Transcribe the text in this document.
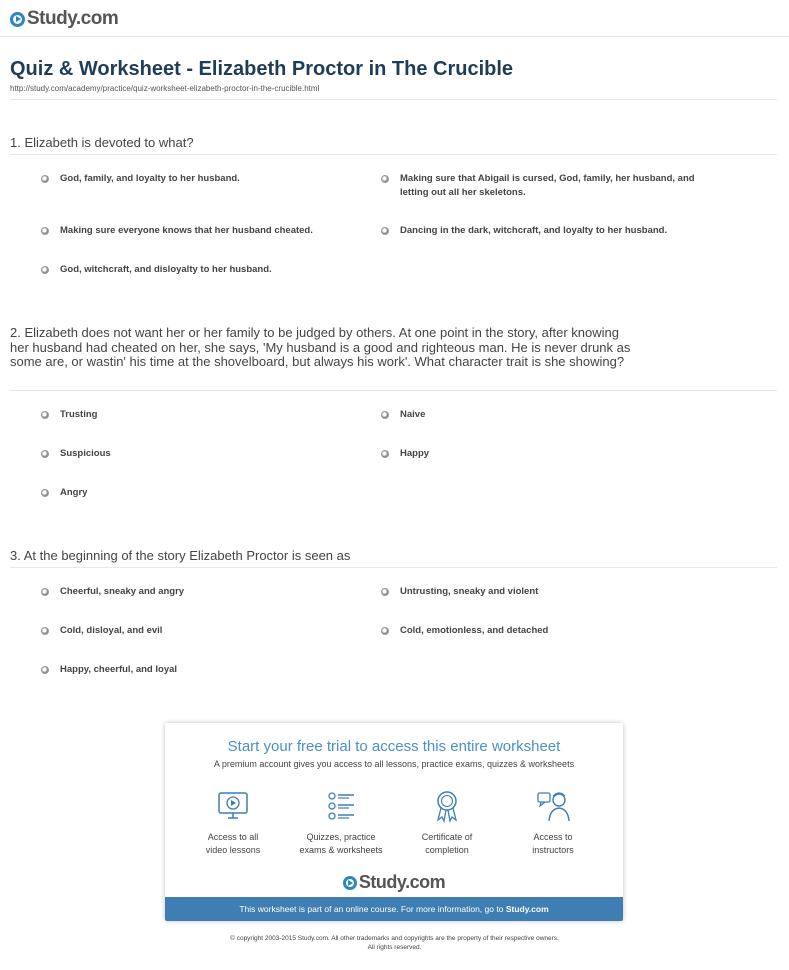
Study.com
Quiz & Worksheet - Elizabeth Proctor in The Crucible
http://study.com/academy/practice/quiz-worksheet-elizabeth-proctor-in-the-crucible.html
1. Elizabeth is devoted to what?
God, family, and loyalty to her husband.	Making sure that Abigail is cursed, God, family, her husband, and letting out all her skeletons.
Making sure everyone knows that her husband cheated.	Dancing in the dark, witchcraft, and loyalty to her husband.
God, witchcraft, and disloyalty to her husband.
2. Elizabeth does not want her or her family to be judged by others. At one point in the story, after knowing her husband had cheated on her, she says, 'My husband is a good and righteous man. He is never drunk as some are, or wastin' his time at the shovelboard, but always his work'. What character trait is she showing?
Trusting	Naive
Suspicious	Happy
Angry
3. At the beginning of the story Elizabeth Proctor is seen as
Cheerful, sneaky and angry	Untrusting, sneaky and violent
Cold, disloyal, and evil	Cold, emotionless, and detached
Happy, cheerful, and loyal
Start your free trial to access this entire worksheet
A premium account gives you access to all lessons, practice exams, quizzes & worksheets
Access to all
video lessons
Quizzes, practice
exams & worksheets
Certificate of
completion
Access to
instructors
Study.com
This worksheet is part of an online course. For more information, go to Study.com
© copyright 2003-2015 Study.com. All other trademarks and copyrights are the property of their respective owners.
All rights reserved.
